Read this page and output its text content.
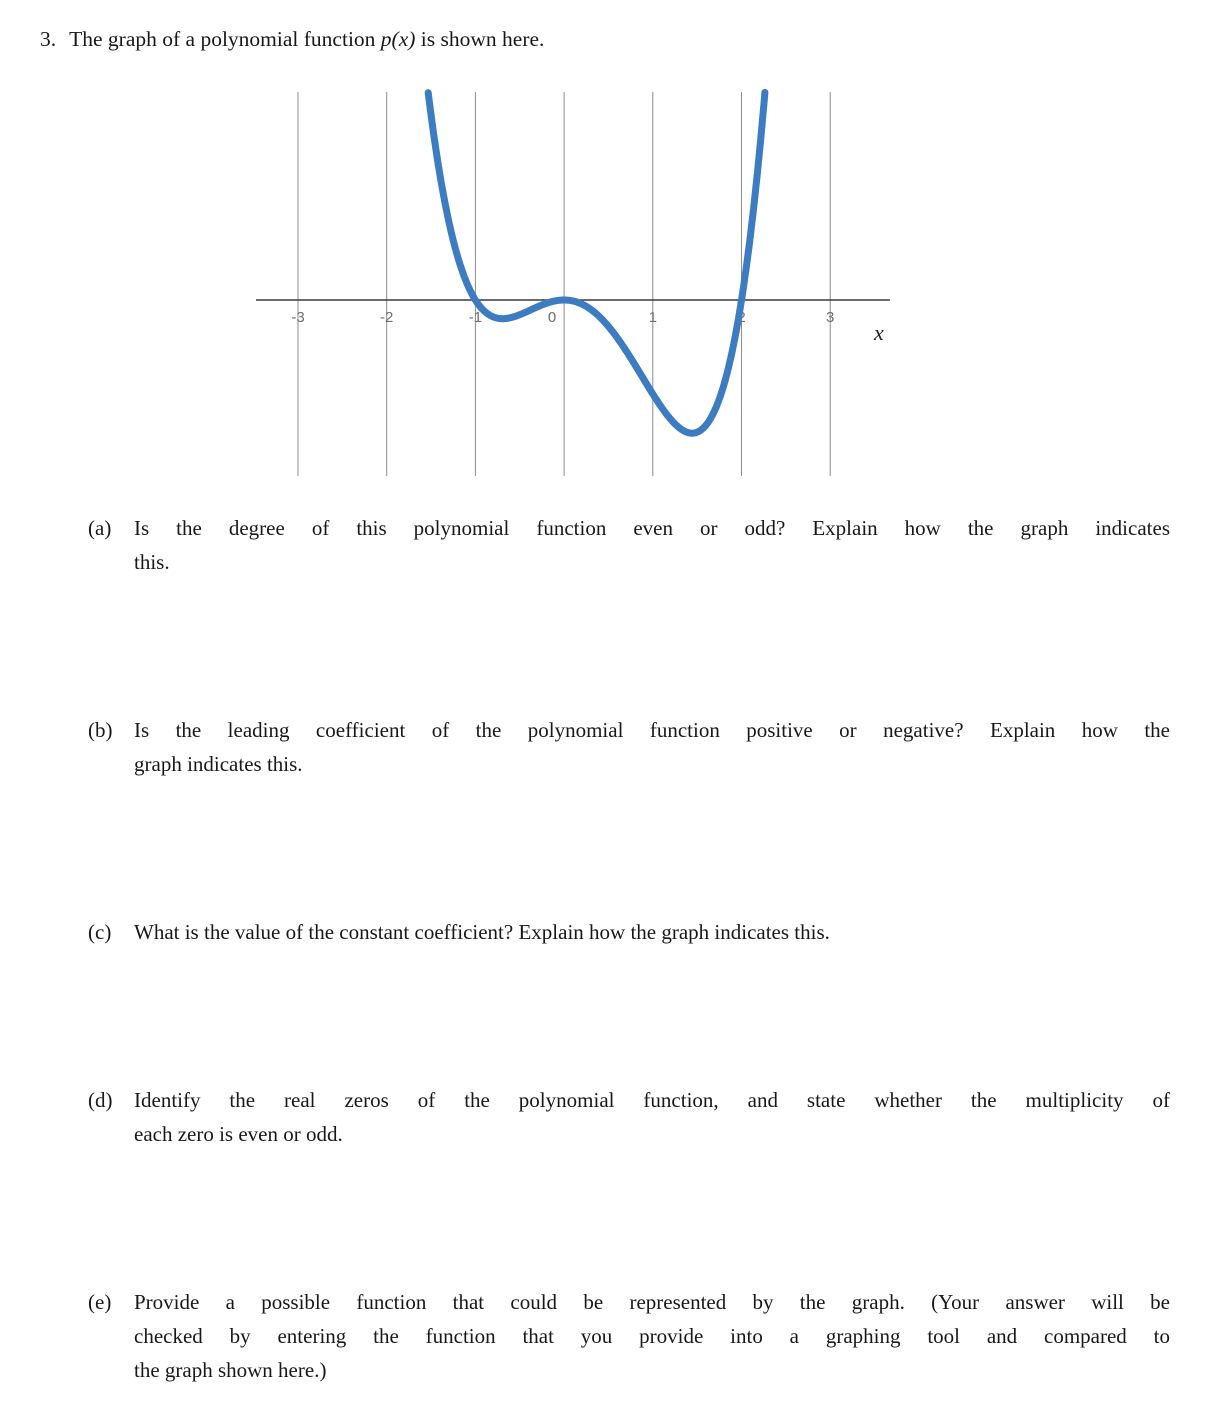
3. The graph of a polynomial function p(x) is shown here.
-3	-2	-1	0	1	2	3
x
(a) Is the degree of this polynomial function even or odd? Explain how the graph indicates
this.
(b) Is the leading coefficient of the polynomial function positive or negative? Explain how the
graph indicates this.
(c) What is the value of the constant coefficient? Explain how the graph indicates this.
(d) Identify the real zeros of the polynomial function, and state whether the multiplicity of
each zero is even or odd.
(e) Provide a possible function that could be represented by the graph. (Your answer will be
checked by entering the function that you provide into a graphing tool and compared to
the graph shown here.)
